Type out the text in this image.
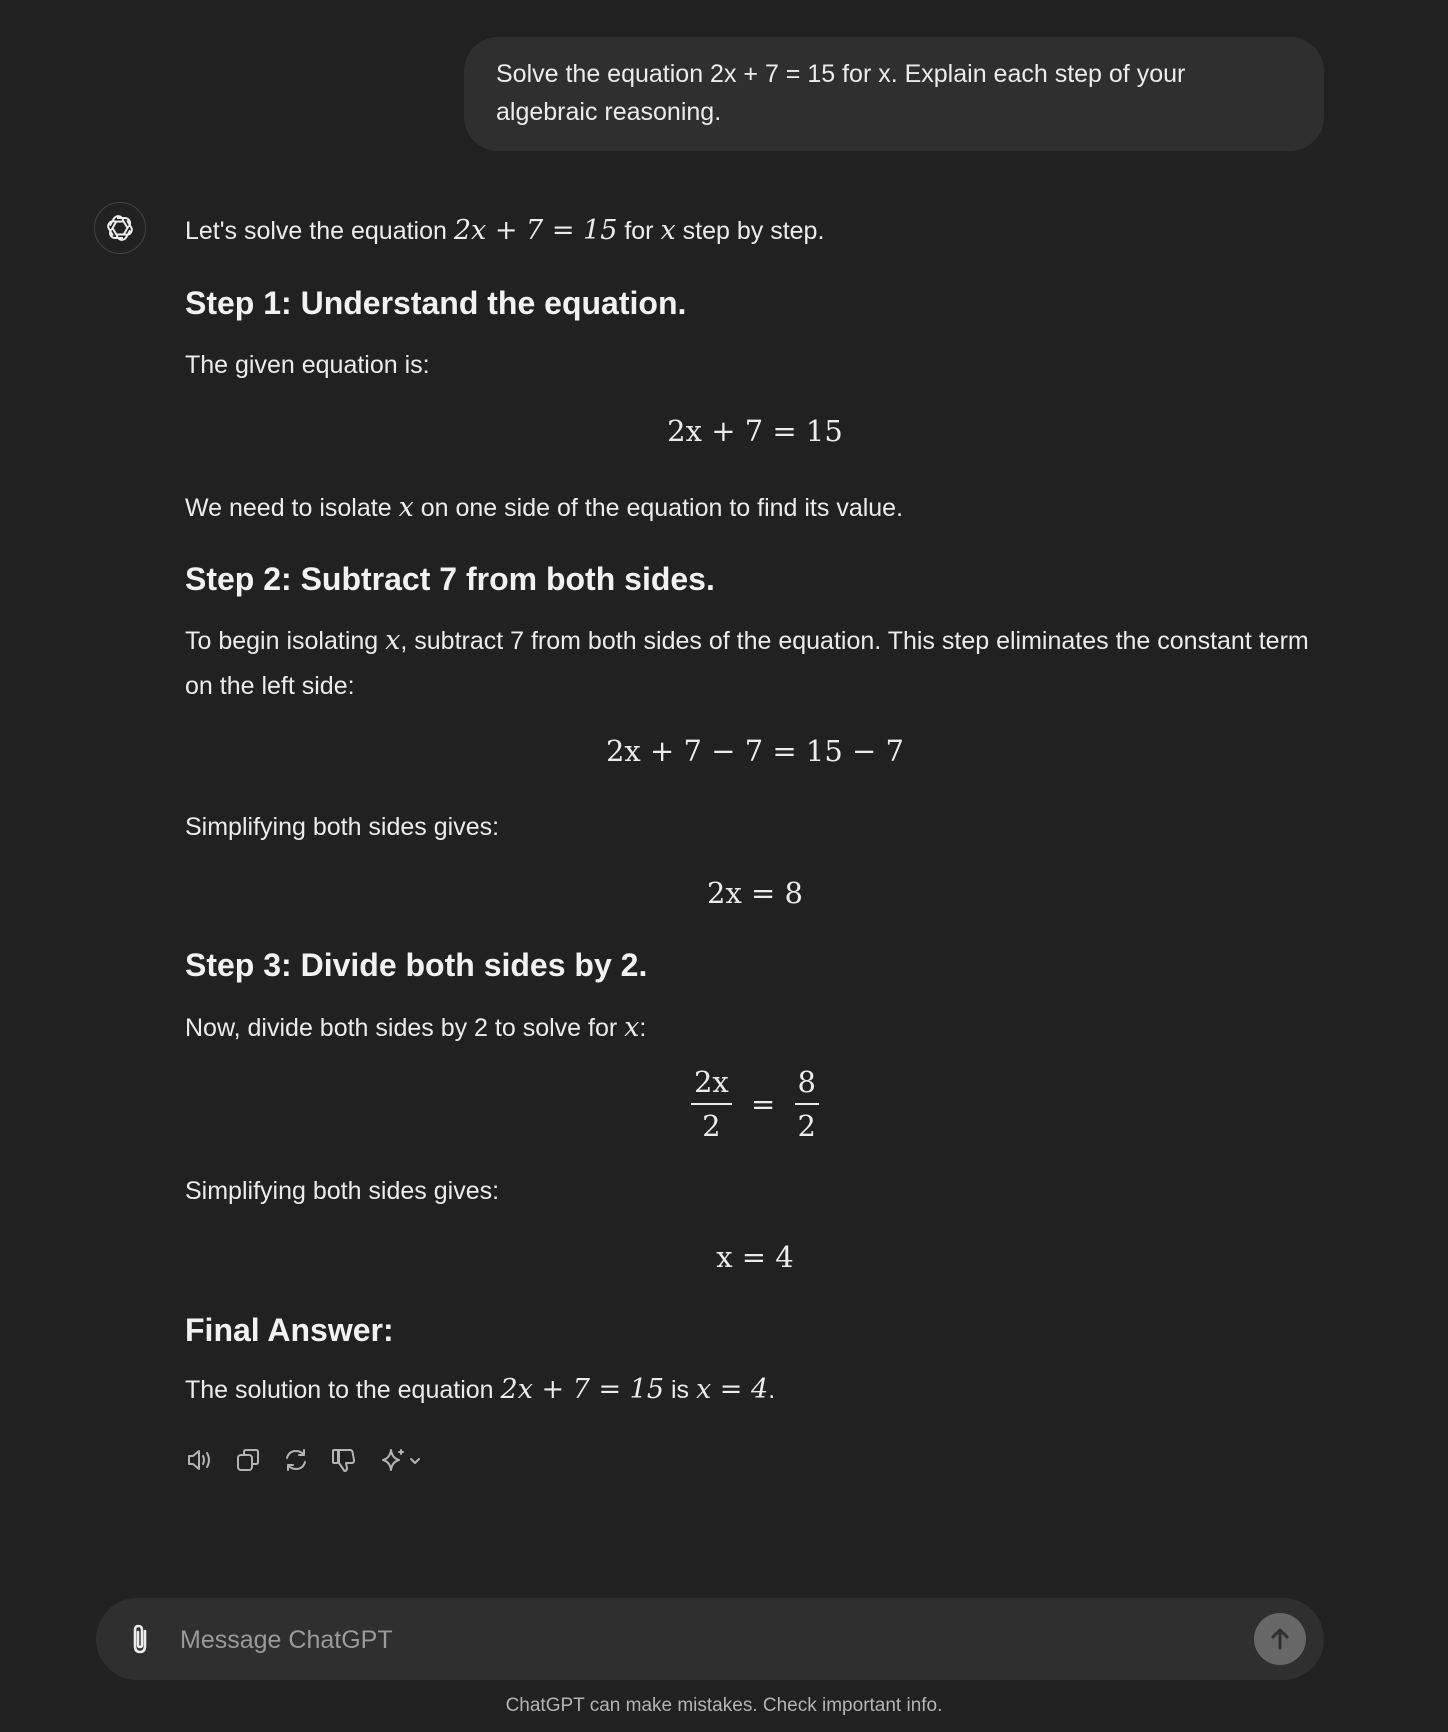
Solve the equation 2x + 7 = 15 for x. Explain each step of your algebraic reasoning.
Let's solve the equation 2x + 7 = 15 for x step by step.
Step 1: Understand the equation.
The given equation is:
2x + 7 = 15
We need to isolate x on one side of the equation to find its value.
Step 2: Subtract 7 from both sides.
To begin isolating x, subtract 7 from both sides of the equation. This step eliminates the constant term on the left side:
2x + 7 − 7 = 15 − 7
Simplifying both sides gives:
2x = 8
Step 3: Divide both sides by 2.
Now, divide both sides by 2 to solve for x:
$\frac{2x}{2} = \frac{8}{2}$
Simplifying both sides gives:
x = 4
Final Answer:
The solution to the equation 2x + 7 = 15 is x = 4.
Message ChatGPT
ChatGPT can make mistakes. Check important info.
